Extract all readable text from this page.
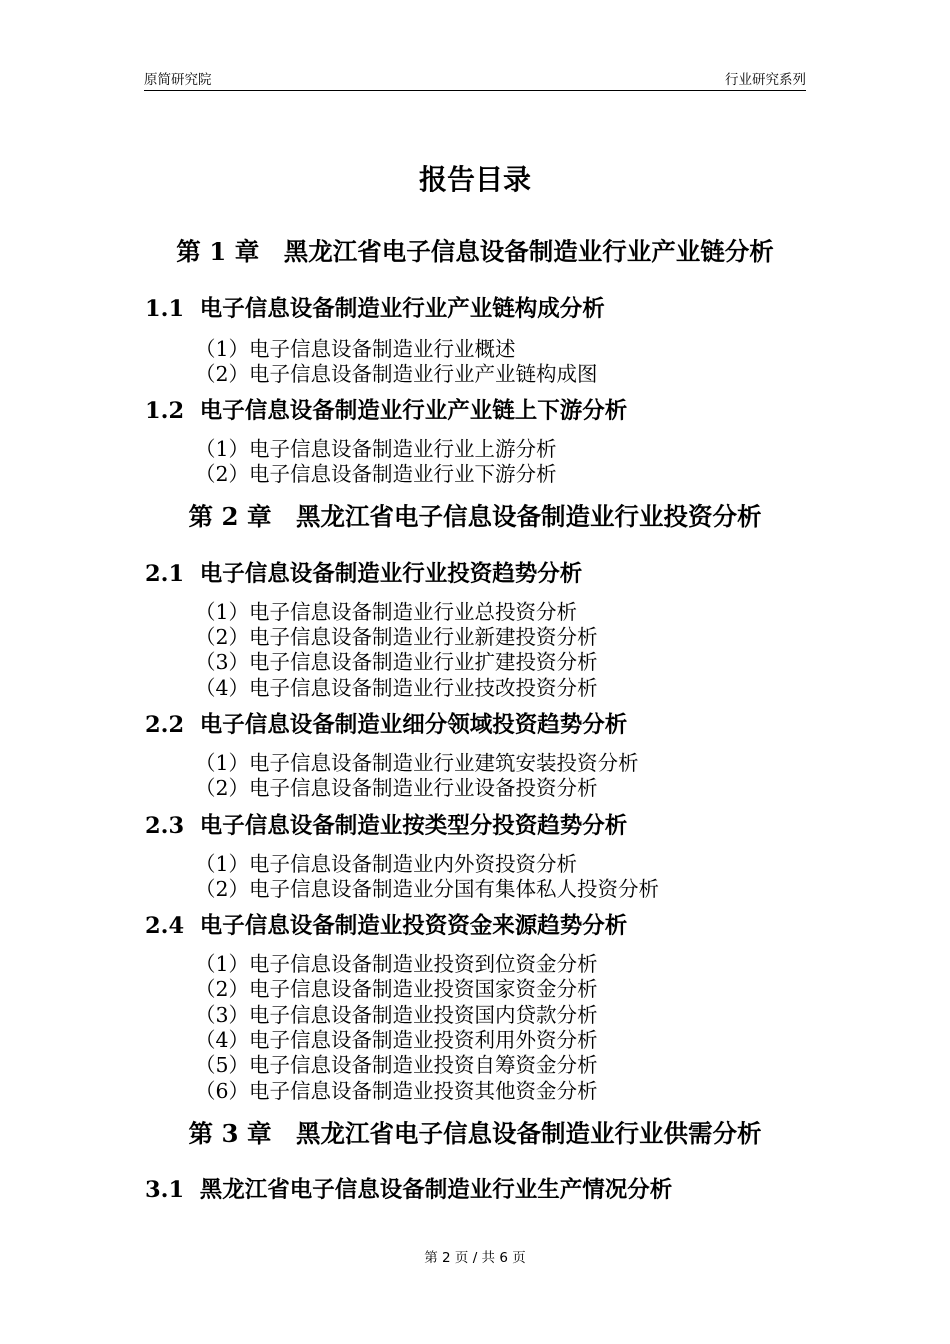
原简研究院	行业研究系列
报告目录
第 1 章　黑龙江省电子信息设备制造业行业产业链分析
1.1  电子信息设备制造业行业产业链构成分析
（1）电子信息设备制造业行业概述
（2）电子信息设备制造业行业产业链构成图
1.2  电子信息设备制造业行业产业链上下游分析
（1）电子信息设备制造业行业上游分析
（2）电子信息设备制造业行业下游分析
第 2 章　黑龙江省电子信息设备制造业行业投资分析
2.1  电子信息设备制造业行业投资趋势分析
（1）电子信息设备制造业行业总投资分析
（2）电子信息设备制造业行业新建投资分析
（3）电子信息设备制造业行业扩建投资分析
（4）电子信息设备制造业行业技改投资分析
2.2  电子信息设备制造业细分领域投资趋势分析
（1）电子信息设备制造业行业建筑安装投资分析
（2）电子信息设备制造业行业设备投资分析
2.3  电子信息设备制造业按类型分投资趋势分析
（1）电子信息设备制造业内外资投资分析
（2）电子信息设备制造业分国有集体私人投资分析
2.4  电子信息设备制造业投资资金来源趋势分析
（1）电子信息设备制造业投资到位资金分析
（2）电子信息设备制造业投资国家资金分析
（3）电子信息设备制造业投资国内贷款分析
（4）电子信息设备制造业投资利用外资分析
（5）电子信息设备制造业投资自筹资金分析
（6）电子信息设备制造业投资其他资金分析
第 3 章　黑龙江省电子信息设备制造业行业供需分析
3.1  黑龙江省电子信息设备制造业行业生产情况分析
第 2 页 / 共 6 页
